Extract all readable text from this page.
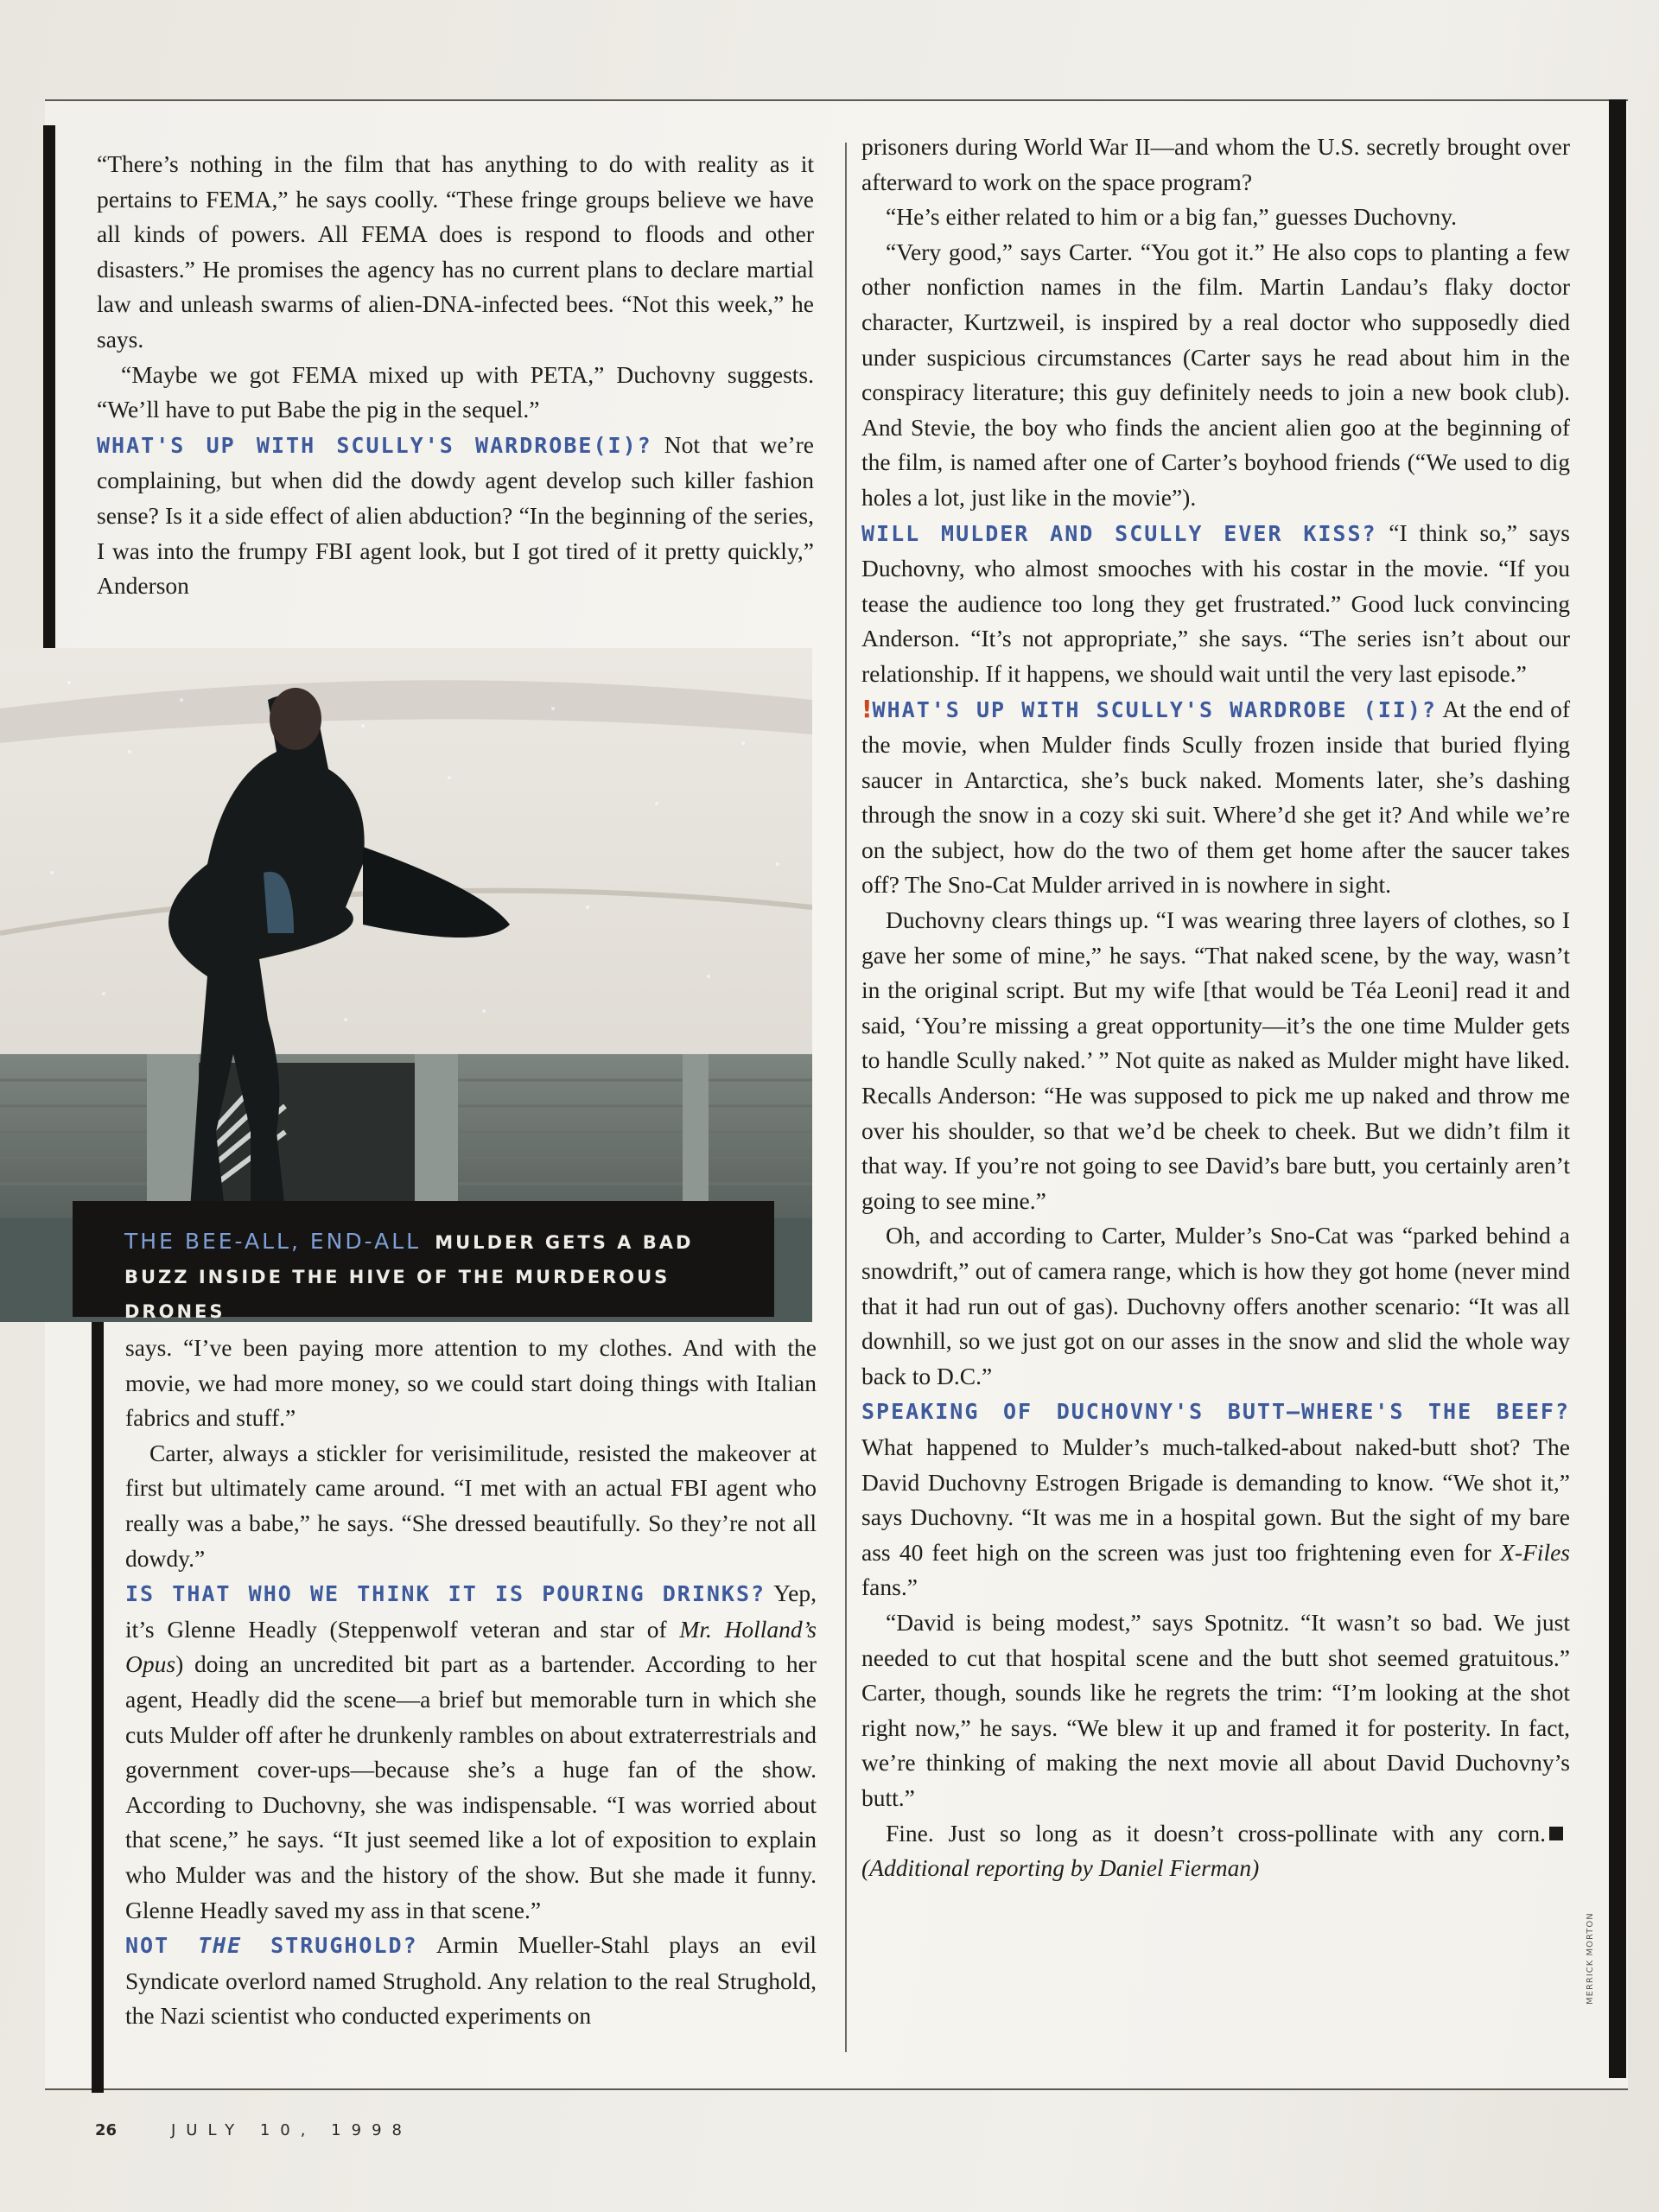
“There’s nothing in the film that has anything to do with reality as it pertains to FEMA,” he says coolly. “These fringe groups believe we have all kinds of powers. All FEMA does is respond to floods and other disasters.” He promises the agency has no current plans to declare martial law and unleash swarms of alien-DNA-infected bees. “Not this week,” he says.

“Maybe we got FEMA mixed up with PETA,” Duchovny suggests. “We’ll have to put Babe the pig in the sequel.”

WHAT'S UP WITH SCULLY'S WARDROBE(I)? Not that we’re complaining, but when did the dowdy agent develop such killer fashion sense? Is it a side effect of alien abduction? “In the beginning of the series, I was into the frumpy FBI agent look, but I got tired of it pretty quickly,” Anderson

THE BEE-ALL, END-ALL MULDER GETS A BAD
BUZZ INSIDE THE HIVE OF THE MURDEROUS DRONES

says. “I’ve been paying more attention to my clothes. And with the movie, we had more money, so we could start doing things with Italian fabrics and stuff.”

Carter, always a stickler for verisimilitude, resisted the makeover at first but ultimately came around. “I met with an actual FBI agent who really was a babe,” he says. “She dressed beautifully. So they’re not all dowdy.”

IS THAT WHO WE THINK IT IS POURING DRINKS? Yep, it’s Glenne Headly (Steppenwolf veteran and star of Mr. Holland’s Opus) doing an uncredited bit part as a bartender. According to her agent, Headly did the scene—a brief but memorable turn in which she cuts Mulder off after he drunkenly rambles on about extraterrestrials and government cover-ups—because she’s a huge fan of the show. According to Duchovny, she was indispensable. “I was worried about that scene,” he says. “It just seemed like a lot of exposition to explain who Mulder was and the history of the show. But she made it funny. Glenne Headly saved my ass in that scene.”

NOT THE STRUGHOLD? Armin Mueller-Stahl plays an evil Syndicate overlord named Strughold. Any relation to the real Strughold, the Nazi scientist who conducted experiments on

prisoners during World War II—and whom the U.S. secretly brought over afterward to work on the space program?

“He’s either related to him or a big fan,” guesses Duchovny.

“Very good,” says Carter. “You got it.” He also cops to planting a few other nonfiction names in the film. Martin Landau’s flaky doctor character, Kurtzweil, is inspired by a real doctor who supposedly died under suspicious circumstances (Carter says he read about him in the conspiracy literature; this guy definitely needs to join a new book club). And Stevie, the boy who finds the ancient alien goo at the beginning of the film, is named after one of Carter’s boyhood friends (“We used to dig holes a lot, just like in the movie”).

WILL MULDER AND SCULLY EVER KISS? “I think so,” says Duchovny, who almost smooches with his costar in the movie. “If you tease the audience too long they get frustrated.” Good luck convincing Anderson. “It’s not appropriate,” she says. “The series isn’t about our relationship. If it happens, we should wait until the very last episode.”

!WHAT'S UP WITH SCULLY'S WARDROBE (II)? At the end of the movie, when Mulder finds Scully frozen inside that buried flying saucer in Antarctica, she’s buck naked. Moments later, she’s dashing through the snow in a cozy ski suit. Where’d she get it? And while we’re on the subject, how do the two of them get home after the saucer takes off? The Sno-Cat Mulder arrived in is nowhere in sight.

Duchovny clears things up. “I was wearing three layers of clothes, so I gave her some of mine,” he says. “That naked scene, by the way, wasn’t in the original script. But my wife [that would be Téa Leoni] read it and said, ‘You’re missing a great opportunity—it’s the one time Mulder gets to handle Scully naked.’ ” Not quite as naked as Mulder might have liked. Recalls Anderson: “He was supposed to pick me up naked and throw me over his shoulder, so that we’d be cheek to cheek. But we didn’t film it that way. If you’re not going to see David’s bare butt, you certainly aren’t going to see mine.”

Oh, and according to Carter, Mulder’s Sno-Cat was “parked behind a snowdrift,” out of camera range, which is how they got home (never mind that it had run out of gas). Duchovny offers another scenario: “It was all downhill, so we just got on our asses in the snow and slid the whole way back to D.C.”

SPEAKING OF DUCHOVNY'S BUTT—WHERE'S THE BEEF? What happened to Mulder’s much-talked-about naked-butt shot? The David Duchovny Estrogen Brigade is demanding to know. “We shot it,” says Duchovny. “It was me in a hospital gown. But the sight of my bare ass 40 feet high on the screen was just too frightening even for X-Files fans.”

“David is being modest,” says Spotnitz. “It wasn’t so bad. We just needed to cut that hospital scene and the butt shot seemed gratuitous.” Carter, though, sounds like he regrets the trim: “I’m looking at the shot right now,” he says. “We blew it up and framed it for posterity. In fact, we’re thinking of making the next movie all about David Duchovny’s butt.”

Fine. Just so long as it doesn’t cross-pollinate with any corn.(Additional reporting by Daniel Fierman)

MERRICK MORTON
26	JULY 10, 1998
